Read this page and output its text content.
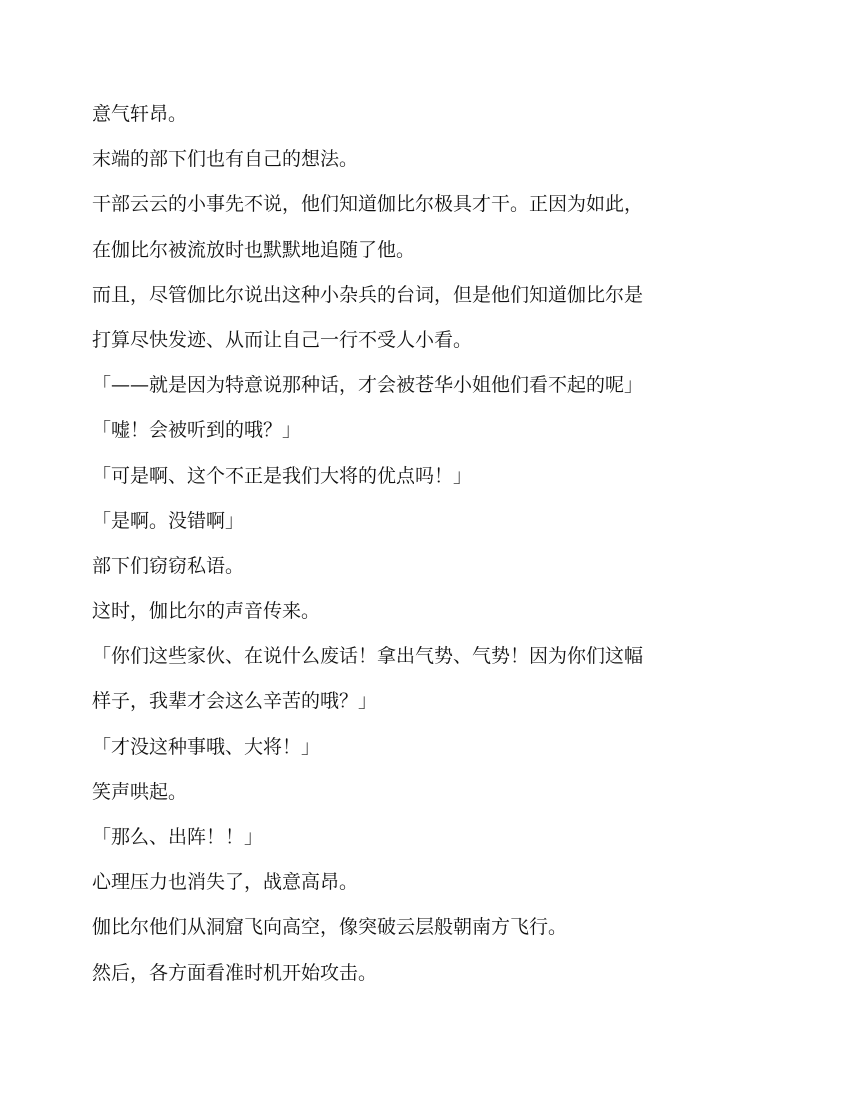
意气轩昂。

末端的部下们也有自己的想法。

干部云云的小事先不说，他们知道伽比尔极具才干。正因为如此，

在伽比尔被流放时也默默地追随了他。

而且，尽管伽比尔说出这种小杂兵的台词，但是他们知道伽比尔是

打算尽快发迹、从而让自己一行不受人小看。

「——就是因为特意说那种话，才会被苍华小姐他们看不起的呢」

「嘘！会被听到的哦？」

「可是啊、这个不正是我们大将的优点吗！」

「是啊。没错啊」

部下们窃窃私语。

这时，伽比尔的声音传来。

「你们这些家伙、在说什么废话！拿出气势、气势！因为你们这幅

样子，我辈才会这么辛苦的哦？」

「才没这种事哦、大将！」

笑声哄起。

「那么、出阵！！」

心理压力也消失了，战意高昂。

伽比尔他们从洞窟飞向高空，像突破云层般朝南方飞行。

然后，各方面看准时机开始攻击。
